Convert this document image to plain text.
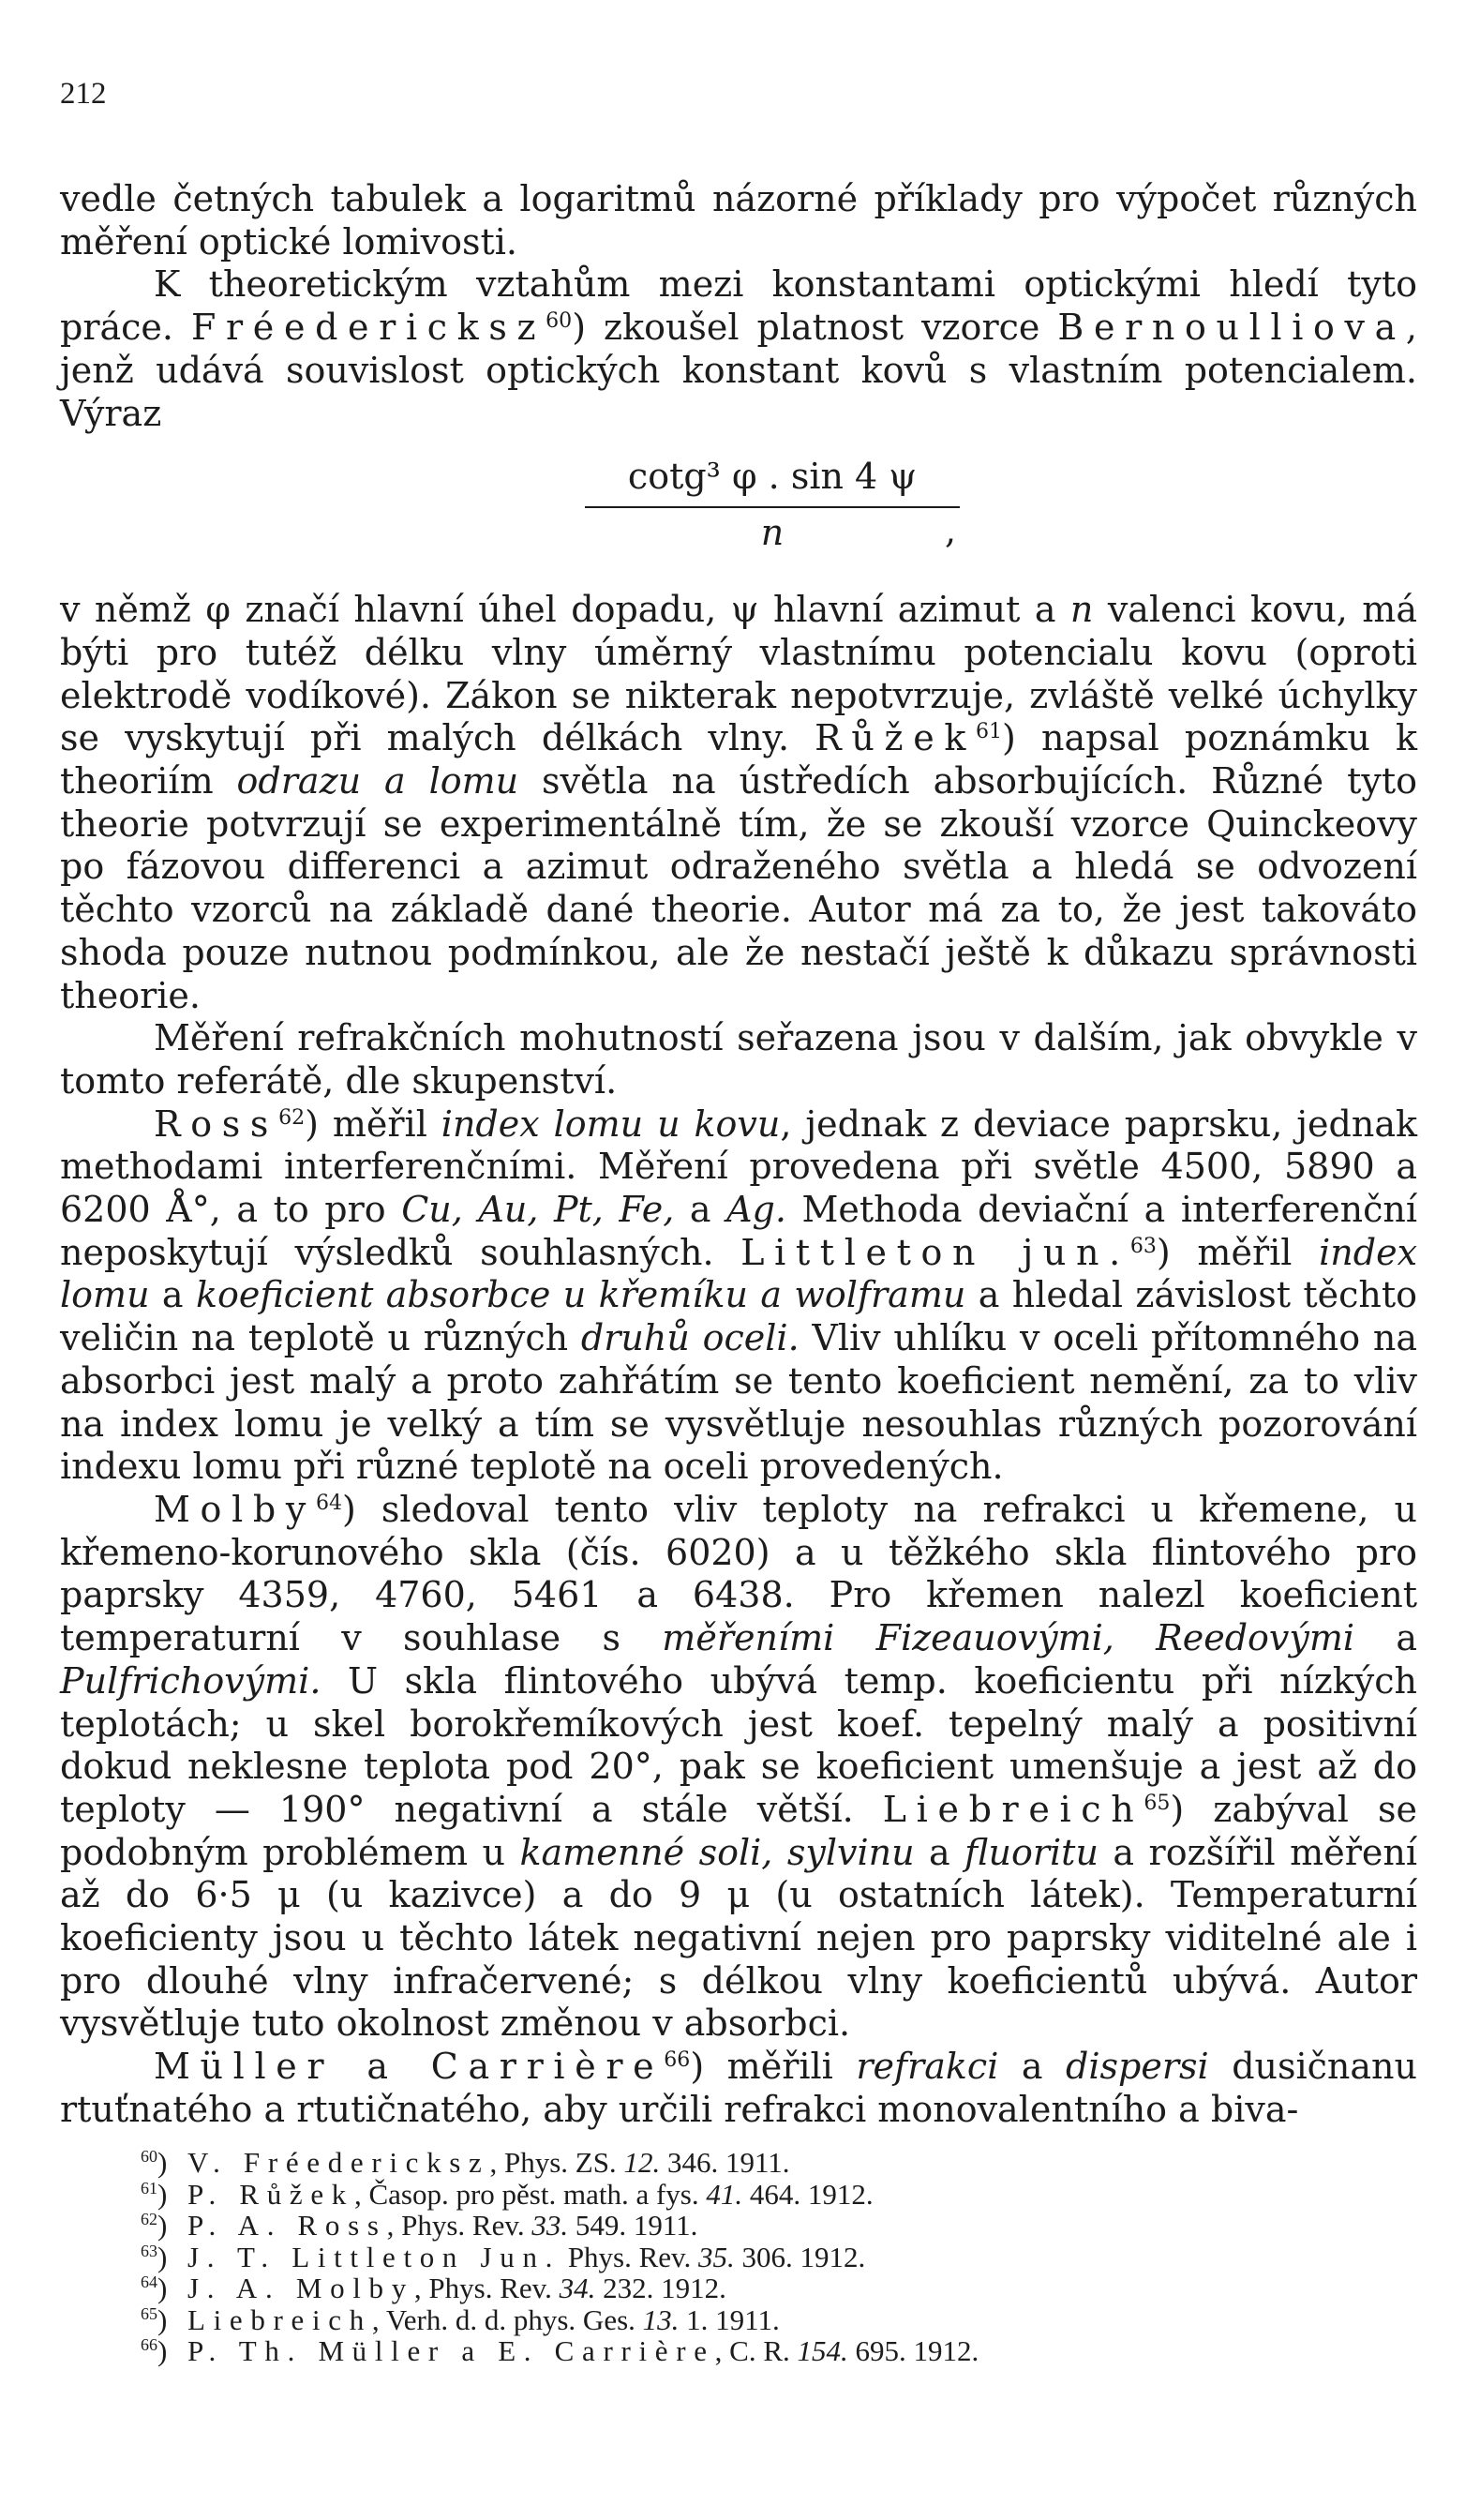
212

vedle četných tabulek a logaritmů názorné příklady pro výpočet různých měření optické lomivosti.

K theoretickým vztahům mezi konstantami optickými hledí tyto práce. Fréedericksz$^{60}$) zkoušel platnost vzorce Bernoulliova, jenž udává souvislost optických konstant kovů s vlastním potencialem. Výraz

$\frac{\text{cotg³ φ . sin 4 ψ}}{n}$
,

v němž φ značí hlavní úhel dopadu, ψ hlavní azimut a n valenci kovu, má býti pro tutéž délku vlny úměrný vlastnímu potencialu kovu (oproti elektrodě vodíkové). Zákon se nikterak nepotvrzuje, zvláště velké úchylky se vyskytují při malých délkách vlny. Růžek$^{61}$) napsal poznámku k theoriím odrazu a lomu světla na ústředích absorbujících. Různé tyto theorie potvrzují se experimentálně tím, že se zkouší vzorce Quinckeovy po fázovou differenci a azimut odraženého světla a hledá se odvození těchto vzorců na základě dané theorie. Autor má za to, že jest takováto shoda pouze nutnou podmínkou, ale že nestačí ještě k důkazu správnosti theorie.

Měření refrakčních mohutností seřazena jsou v dalším, jak obvykle v tomto referátě, dle skupenství.

Ross$^{62}$) měřil index lomu u kovu, jednak z deviace paprsku, jednak methodami interferenčními. Měření provedena při světle 4500, 5890 a 6200 Å°, a to pro Cu, Au, Pt, Fe, a Ag. Methoda deviační a interferenční neposkytují výsledků souhlasných. Littleton jun.$^{63}$) měřil index lomu a koeficient absorbce u křemíku a wolframu a hledal závislost těchto veličin na teplotě u různých druhů oceli. Vliv uhlíku v oceli přítomného na absorbci jest malý a proto zahřátím se tento koeficient nemění, za to vliv na index lomu je velký a tím se vysvětluje nesouhlas různých pozorování indexu lomu při různé teplotě na oceli provedených.

Molby$^{64}$) sledoval tento vliv teploty na refrakci u křemene, u křemeno-korunového skla (čís. 6020) a u těžkého skla flintového pro paprsky 4359, 4760, 5461 a 6438. Pro křemen nalezl koeficient temperaturní v souhlase s měřeními Fizeauovými, Reedovými a Pulfrichovými. U skla flintového ubývá temp. koeficientu při nízkých teplotách; u skel borokřemíkových jest koef. tepelný malý a positivní dokud neklesne teplota pod 20°, pak se koeficient umenšuje a jest až do teploty — 190° negativní a stále větší. Liebreich$^{65}$) zabýval se podobným problémem u kamenné soli, sylvinu a fluoritu a rozšířil měření až do 6·5 μ (u kazivce) a do 9 μ (u ostatních látek). Temperaturní koeficienty jsou u těchto látek negativní nejen pro paprsky viditelné ale i pro dlouhé vlny infračervené; s délkou vlny koeficientů ubývá. Autor vysvětluje tuto okolnost změnou v absorbci.

Müller a Carrière$^{66}$) měřili refrakci a dispersi dusičnanu rtuťnatého a rtutičnatého, aby určili refrakci monovalentního a biva-

$^{60}$) V. Fréedericksz, Phys. ZS. 12. 346. 1911.
$^{61}$) P. Růžek, Časop. pro pěst. math. a fys. 41. 464. 1912.
$^{62}$) P. A. Ross, Phys. Rev. 33. 549. 1911.
$^{63}$) J. T. Littleton Jun. Phys. Rev. 35. 306. 1912.
$^{64}$) J. A. Molby, Phys. Rev. 34. 232. 1912.
$^{65}$) Liebreich, Verh. d. d. phys. Ges. 13. 1. 1911.
$^{66}$) P. Th. Müller a E. Carrière, C. R. 154. 695. 1912.
